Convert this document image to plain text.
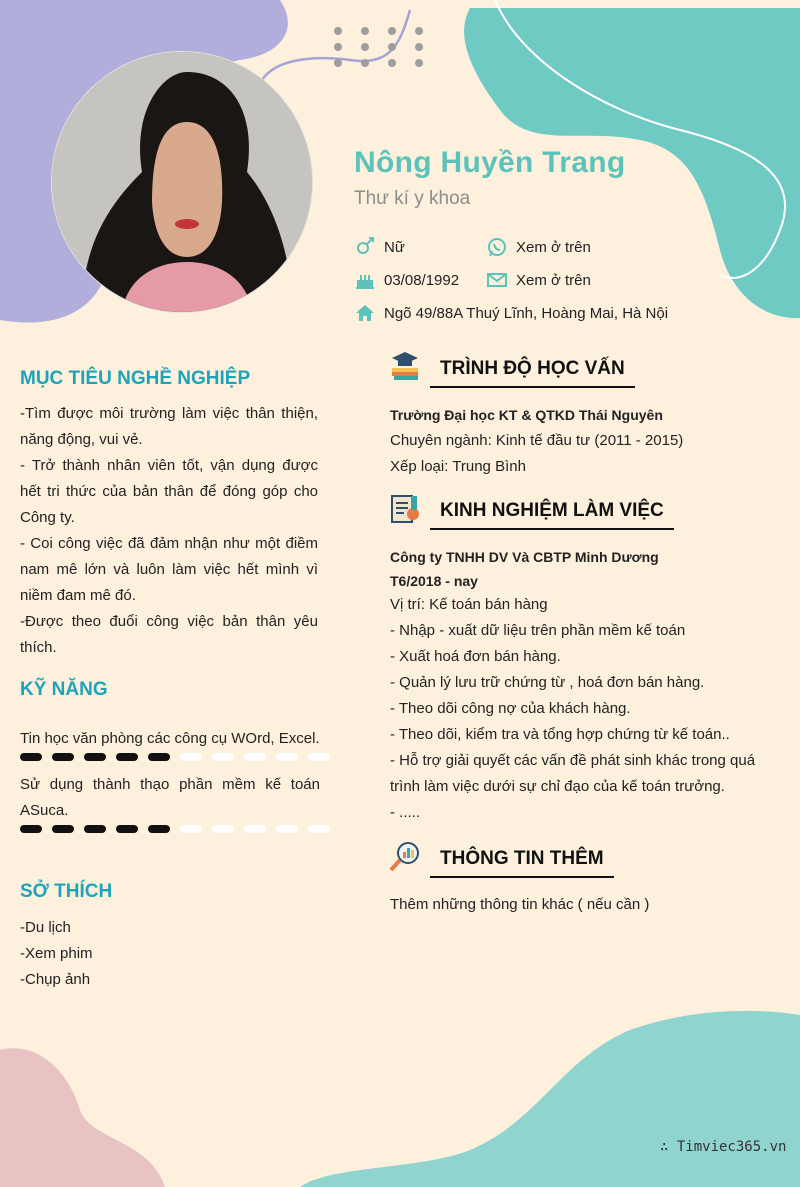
Nông Huyền Trang
Thư kí y khoa
Nữ	Xem ở trên
03/08/1992	Xem ở trên
Ngõ 49/88A Thuý Lĩnh, Hoàng Mai, Hà Nội
MỤC TIÊU NGHỀ NGHIỆP

-Tìm được môi trường làm việc thân thiện, năng động, vui vẻ.

- Trở thành nhân viên tốt, vận dụng được hết tri thức của bản thân để đóng góp cho Công ty.

- Coi công việc đã đảm nhận như một điềm nam mê lớn và luôn làm việc hết mình vì niềm đam mê đó.

-Được theo đuổi công việc bản thân yêu thích.

KỸ NĂNG
Tin học văn phòng các công cụ WOrd, Excel.
Sử dụng thành thạo phần mềm kế toán ASuca.
SỞ THÍCH
-Du lịch
-Xem phim
-Chụp ảnh
TRÌNH ĐỘ HỌC VẤN
Trường Đại học KT & QTKD Thái Nguyên
Chuyên ngành: Kinh tế đầu tư (2011 - 2015)
Xếp loại: Trung Bình
KINH NGHIỆM LÀM VIỆC
Công ty TNHH DV Và CBTP Minh Dương
T6/2018 - nay
Vị trí: Kế toán bán hàng
- Nhập - xuất dữ liệu trên phần mềm kế toán
- Xuất hoá đơn bán hàng.
- Quản lý lưu trữ chứng từ , hoá đơn bán hàng.
- Theo dõi công nợ của khách hàng.
- Theo dõi, kiểm tra và tổng hợp chứng từ kế toán..
- Hỗ trợ giải quyết các vấn đề phát sinh khác trong quá trình làm việc dưới sự chỉ đạo của kế toán trưởng.
- .....
THÔNG TIN THÊM
Thêm những thông tin khác ( nếu cần )
∴ Timviec365.vn
